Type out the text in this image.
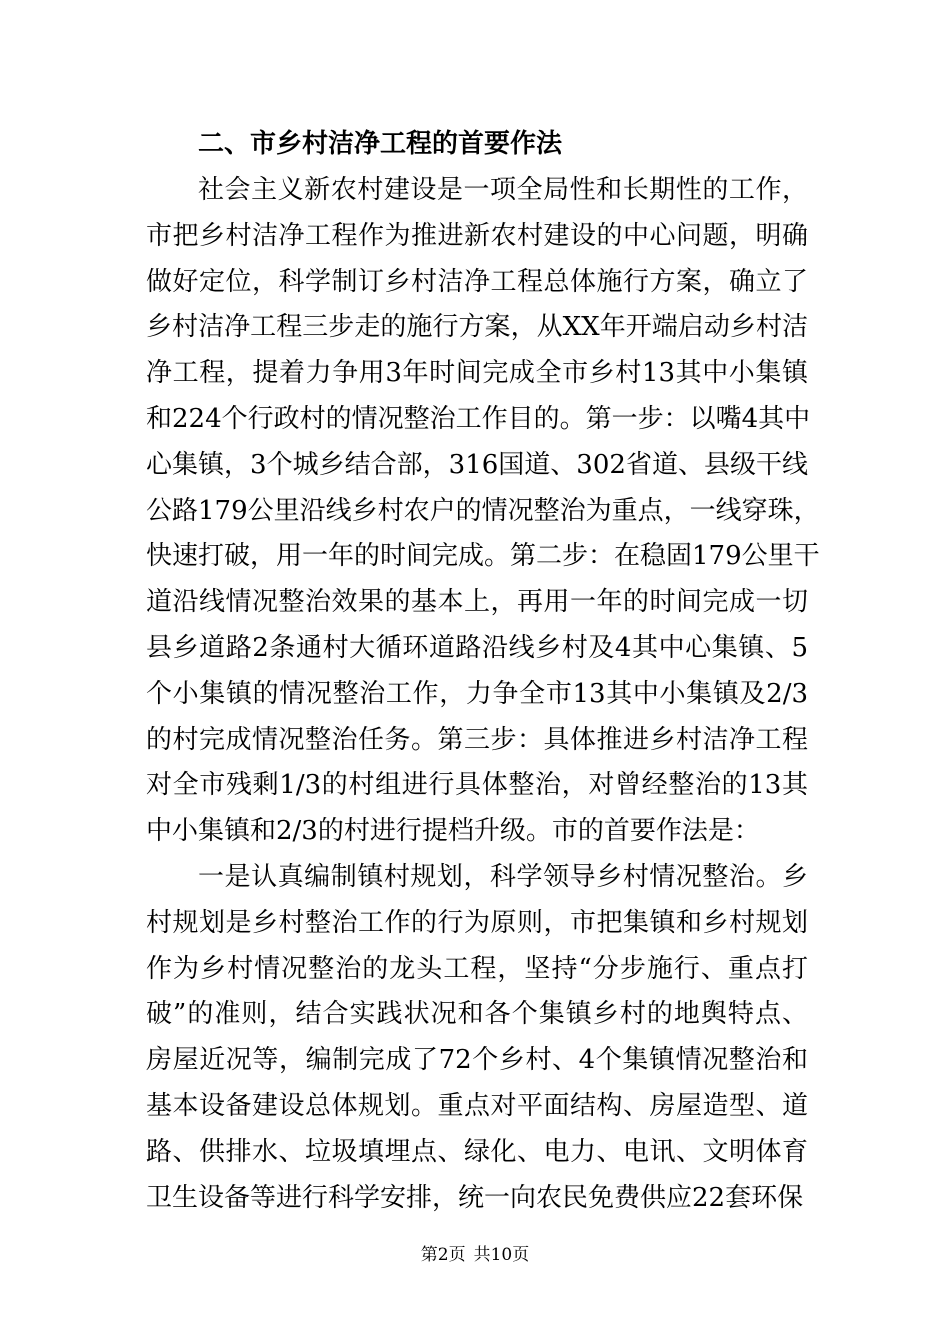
二、市乡村洁净工程的首要作法
社会主义新农村建设是一项全局性和长期性的工作，
市把乡村洁净工程作为推进新农村建设的中心问题，明确
做好定位，科学制订乡村洁净工程总体施行方案，确立了
乡村洁净工程三步走的施行方案，从XX年开端启动乡村洁
净工程，提着力争用3年时间完成全市乡村13其中小集镇
和224个行政村的情况整治工作目的。第一步：以嘴4其中
心集镇，3个城乡结合部，316国道、302省道、县级干线
公路179公里沿线乡村农户的情况整治为重点，一线穿珠，
快速打破，用一年的时间完成。第二步：在稳固179公里干
道沿线情况整治效果的基本上，再用一年的时间完成一切
县乡道路2条通村大循环道路沿线乡村及4其中心集镇、5
个小集镇的情况整治工作，力争全市13其中小集镇及2/3
的村完成情况整治任务。第三步：具体推进乡村洁净工程
对全市残剩1/3的村组进行具体整治，对曾经整治的13其
中小集镇和2/3的村进行提档升级。市的首要作法是：
一是认真编制镇村规划，科学领导乡村情况整治。乡
村规划是乡村整治工作的行为原则，市把集镇和乡村规划
作为乡村情况整治的龙头工程，坚持“分步施行、重点打
破”的准则，结合实践状况和各个集镇乡村的地舆特点、
房屋近况等，编制完成了72个乡村、4个集镇情况整治和
基本设备建设总体规划。重点对平面结构、房屋造型、道
路、供排水、垃圾填埋点、绿化、电力、电讯、文明体育
卫生设备等进行科学安排，统一向农民免费供应22套环保
第2页 共10页
